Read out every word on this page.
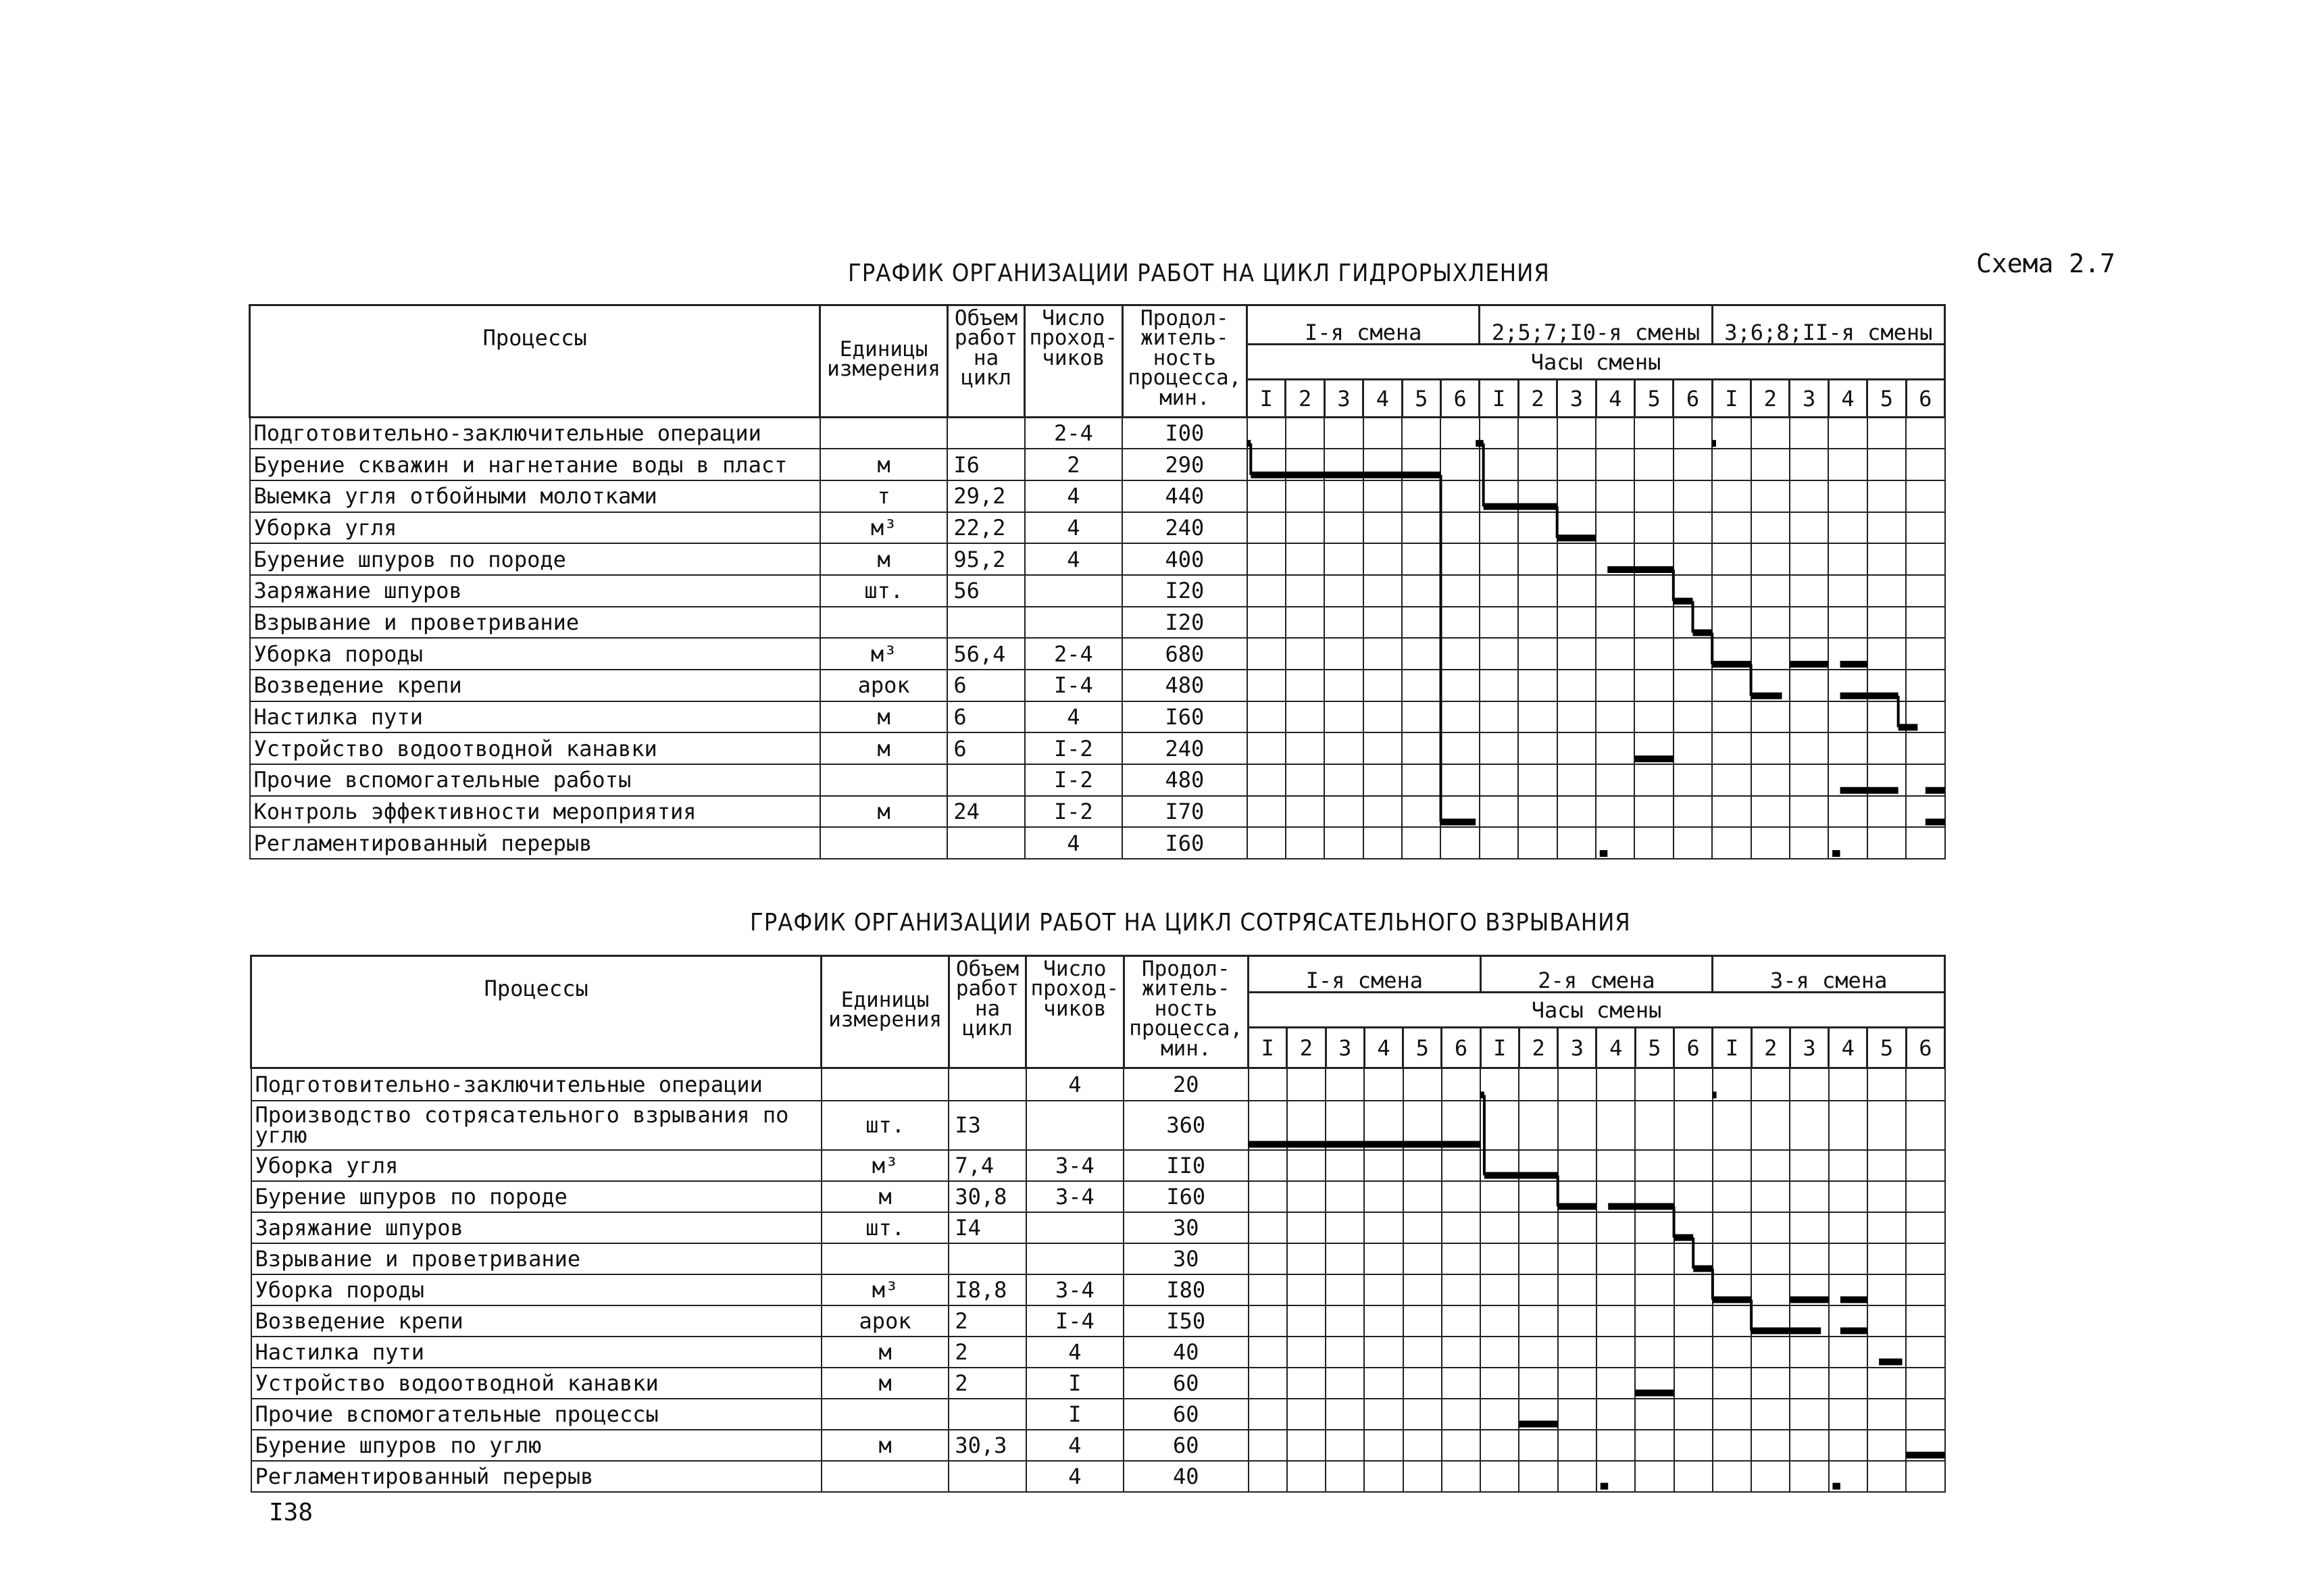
Схема 2.7
ГРАФИК ОРГАНИЗАЦИИ РАБОТ НА ЦИКЛ ГИДРОРЫХЛЕНИЯ
ГРАФИК ОРГАНИЗАЦИИ РАБОТ НА ЦИКЛ СОТРЯСАТЕЛЬНОГО ВЗРЫВАНИЯ
Процессы	Единицы измерения	Объем работ на цикл	Число проход- чиков	Продол- житель- ность процесса, мин.	I-я смена						2;5;7;I0-я смены						3;6;8;II-я смены					
					Часы смены																	
					I	2	3	4	5	6	I	2	3	4	5	6	I	2	3	4	5	6
Подготовительно-заключительные операции			2-4	I00																		
Бурение скважин и нагнетание воды в пласт	м	I6	2	290																		
Выемка угля отбойными молотками	т	29,2	4	440																		
Уборка угля	м³	22,2	4	240																		
Бурение шпуров по породе	м	95,2	4	400																		
Заряжание шпуров	шт.	56		I20																		
Взрывание и проветривание				I20																		
Уборка породы	м³	56,4	2-4	680																		
Возведение крепи	арок	6	I-4	480																		
Настилка пути	м	6	4	I60																		
Устройство водоотводной канавки	м	6	I-2	240																		
Прочие вспомогательные работы			I-2	480																		
Контроль эффективности мероприятия	м	24	I-2	I70																		
Регламентированный перерыв			4	I60																		
Процессы	Единицы измерения	Объем работ на цикл	Число проход- чиков	Продол- житель- ность процесса, мин.	I-я смена						2-я смена						3-я смена					
					Часы смены																	
					I	2	3	4	5	6	I	2	3	4	5	6	I	2	3	4	5	6
Подготовительно-заключительные операции			4	20																		
Производство сотрясательного взрывания по углю	шт.	I3		360																		
Уборка угля	м³	7,4	3-4	II0																		
Бурение шпуров по породе	м	30,8	3-4	I60																		
Заряжание шпуров	шт.	I4		30																		
Взрывание и проветривание				30																		
Уборка породы	м³	I8,8	3-4	I80																		
Возведение крепи	арок	2	I-4	I50																		
Настилка пути	м	2	4	40																		
Устройство водоотводной канавки	м	2	I	60																		
Прочие вспомогательные процессы			I	60																		
Бурение шпуров по углю	м	30,3	4	60																		
Регламентированный перерыв			4	40																		
I38
